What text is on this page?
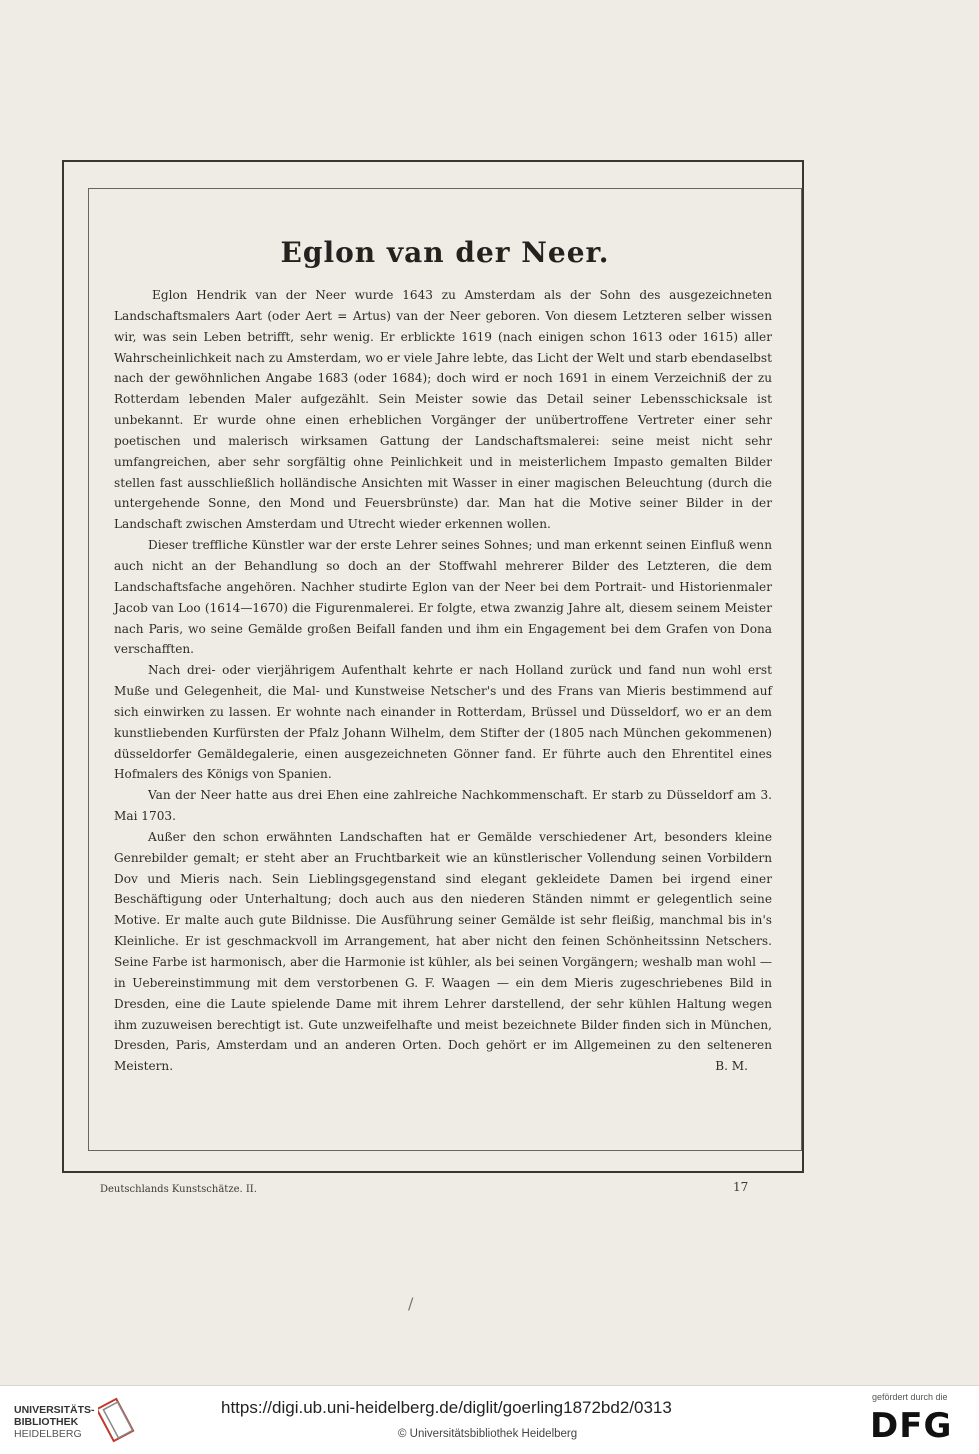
Eglon van der Neer.

Eglon Hendrik van der Neer wurde 1643 zu Amsterdam als der Sohn des ausgezeichneten Landschaftsmalers Aart (oder Aert = Artus) van der Neer geboren. Von diesem Letzteren selber wissen wir, was sein Leben betrifft, sehr wenig. Er erblickte 1619 (nach einigen schon 1613 oder 1615) aller Wahrscheinlichkeit nach zu Amsterdam, wo er viele Jahre lebte, das Licht der Welt und starb ebendaselbst nach der gewöhnlichen Angabe 1683 (oder 1684); doch wird er noch 1691 in einem Verzeichniß der zu Rotterdam lebenden Maler aufgezählt. Sein Meister sowie das Detail seiner Lebensschicksale ist unbekannt. Er wurde ohne einen erheblichen Vorgänger der unübertroffene Vertreter einer sehr poetischen und malerisch wirksamen Gattung der Landschaftsmalerei: seine meist nicht sehr umfangreichen, aber sehr sorgfältig ohne Peinlichkeit und in meisterlichem Impasto gemalten Bilder stellen fast ausschließlich holländische Ansichten mit Wasser in einer magischen Beleuchtung (durch die untergehende Sonne, den Mond und Feuersbrünste) dar. Man hat die Motive seiner Bilder in der Landschaft zwischen Amsterdam und Utrecht wieder erkennen wollen.

Dieser treffliche Künstler war der erste Lehrer seines Sohnes; und man erkennt seinen Einfluß wenn auch nicht an der Behandlung so doch an der Stoffwahl mehrerer Bilder des Letzteren, die dem Landschaftsfache angehören. Nachher studirte Eglon van der Neer bei dem Portrait- und Historienmaler Jacob van Loo (1614—1670) die Figurenmalerei. Er folgte, etwa zwanzig Jahre alt, diesem seinem Meister nach Paris, wo seine Gemälde großen Beifall fanden und ihm ein Engagement bei dem Grafen von Dona verschafften.

Nach drei- oder vierjährigem Aufenthalt kehrte er nach Holland zurück und fand nun wohl erst Muße und Gelegenheit, die Mal- und Kunstweise Netscher's und des Frans van Mieris bestimmend auf sich einwirken zu lassen. Er wohnte nach einander in Rotterdam, Brüssel und Düsseldorf, wo er an dem kunstliebenden Kurfürsten der Pfalz Johann Wilhelm, dem Stifter der (1805 nach München gekommenen) düsseldorfer Gemäldegalerie, einen ausgezeichneten Gönner fand. Er führte auch den Ehrentitel eines Hofmalers des Königs von Spanien.

Van der Neer hatte aus drei Ehen eine zahlreiche Nachkommenschaft. Er starb zu Düsseldorf am 3. Mai 1703.

Außer den schon erwähnten Landschaften hat er Gemälde verschiedener Art, besonders kleine Genrebilder gemalt; er steht aber an Fruchtbarkeit wie an künstlerischer Vollendung seinen Vorbildern Dov und Mieris nach. Sein Lieblingsgegenstand sind elegant gekleidete Damen bei irgend einer Beschäftigung oder Unterhaltung; doch auch aus den niederen Ständen nimmt er gelegentlich seine Motive. Er malte auch gute Bildnisse. Die Ausführung seiner Gemälde ist sehr fleißig, manchmal bis in's Kleinliche. Er ist geschmackvoll im Arrangement, hat aber nicht den feinen Schönheitssinn Netschers. Seine Farbe ist harmonisch, aber die Harmonie ist kühler, als bei seinen Vorgängern; weshalb man wohl — in Uebereinstimmung mit dem verstorbenen G. F. Waagen — ein dem Mieris zugeschriebenes Bild in Dresden, eine die Laute spielende Dame mit ihrem Lehrer darstellend, der sehr kühlen Haltung wegen ihm zuzuweisen berechtigt ist. Gute unzweifelhafte und meist bezeichnete Bilder finden sich in München, Dresden, Paris, Amsterdam und an anderen Orten. Doch gehört er im Allgemeinen zu den selteneren Meistern.	B. M.

Deutschlands Kunstschätze. II.	17
/
UNIVERSITÄTS-
BIBLIOTHEK
HEIDELBERG
https://digi.ub.uni-heidelberg.de/diglit/goerling1872bd2/0313
© Universitätsbibliothek Heidelberg
gefördert durch die
DFG
